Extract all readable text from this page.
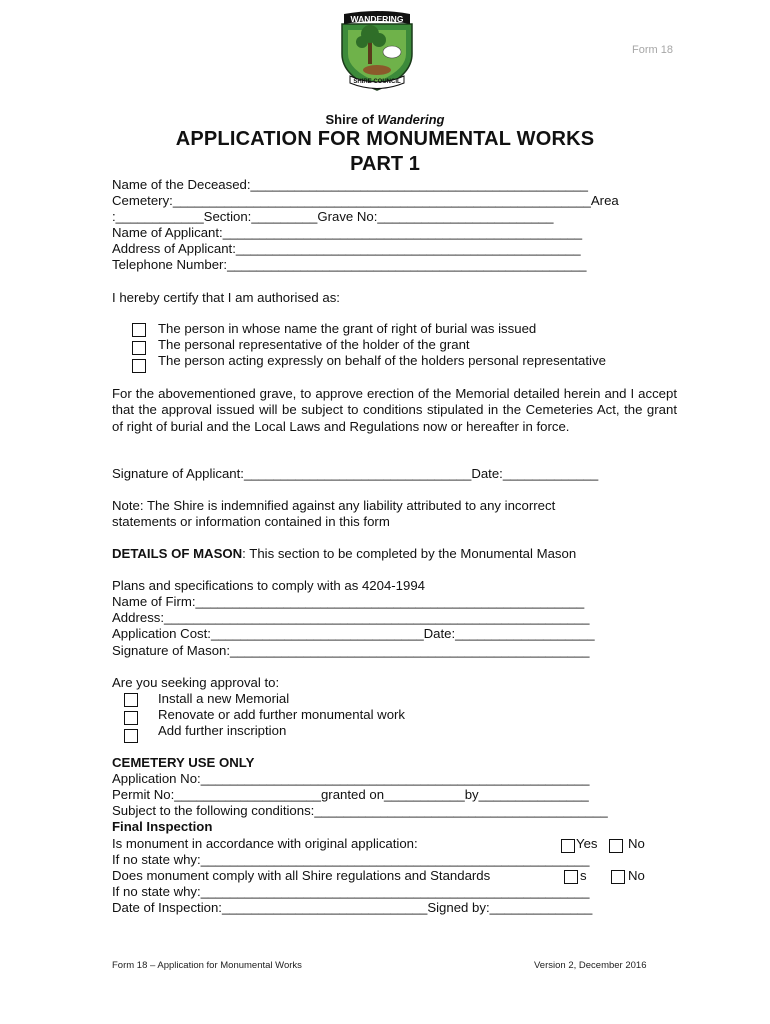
WANDERING
SHIRE COUNCIL
Form 18
Shire of Wandering
APPLICATION FOR MONUMENTAL WORKS
PART 1
Name of the Deceased:______________________________________________
Cemetery:_________________________________________________________Area
:____________Section:_________Grave No:________________________
Name of Applicant:_________________________________________________
Address of Applicant:_______________________________________________
Telephone Number:_________________________________________________
I hereby certify that I am authorised as:
The person in whose name the grant of right of burial was issued
The personal representative of the holder of the grant
The person acting expressly on behalf of the holders personal representative
For the abovementioned grave, to approve erection of the Memorial detailed herein and I accept that the approval issued will be subject to conditions stipulated in the Cemeteries Act, the grant of right of burial and the Local Laws and Regulations now or hereafter in force.
Signature of Applicant:_______________________________Date:_____________
Note: The Shire is indemnified against any liability attributed to any incorrect
statements or information contained in this form
DETAILS OF MASON: This section to be completed by the Monumental Mason
Plans and specifications to comply with as 4204-1994
Name of Firm:_____________________________________________________
Address:__________________________________________________________
Application Cost:_____________________________Date:___________________
Signature of Mason:_________________________________________________
Are you seeking approval to:
Install a new Memorial
Renovate or add further monumental work
Add further inscription
CEMETERY USE ONLY
Application No:_____________________________________________________
Permit No:____________________granted on___________by_______________
Subject to the following conditions:________________________________________
Final Inspection
Is monument in accordance with original application:	Yes No
If no state why:_____________________________________________________
Does monument comply with all Shire regulations and Standards	s	No
If no state why:_____________________________________________________
Date of Inspection:____________________________Signed by:______________
Form 18 – Application for Monumental Works	Version 2, December 2016
